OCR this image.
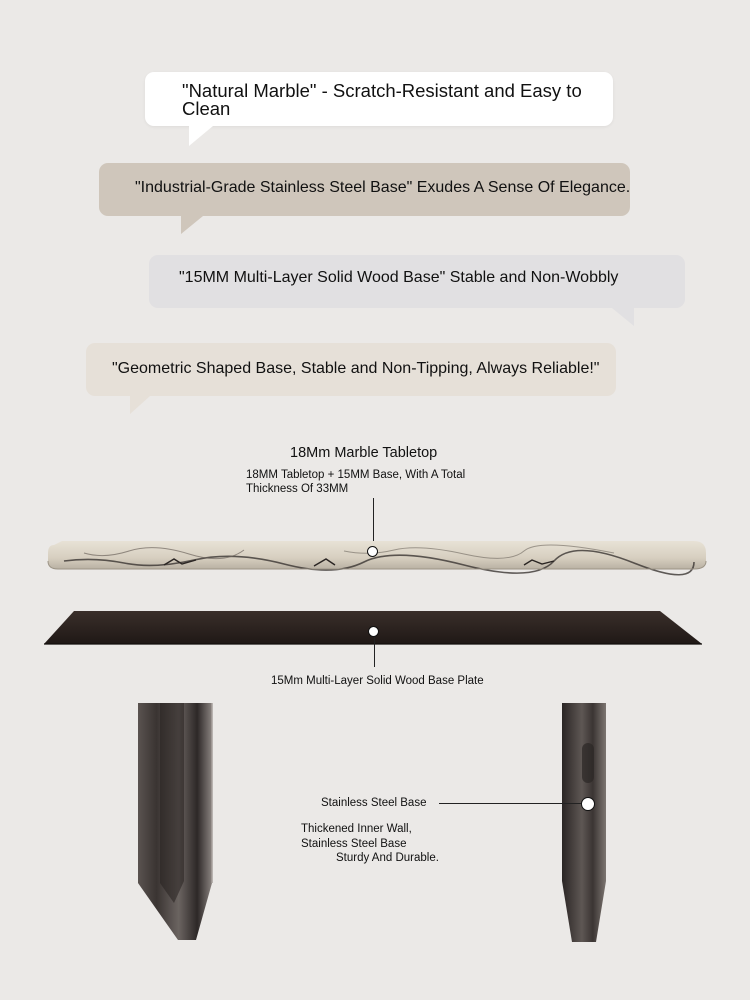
"Natural Marble" - Scratch-Resistant and Easy to Clean
"Industrial-Grade Stainless Steel Base" Exudes A Sense Of Elegance.
"15MM Multi-Layer Solid Wood Base" Stable and Non-Wobbly
"Geometric Shaped Base, Stable and Non-Tipping, Always Reliable!"
18Mm Marble Tabletop
18MM Tabletop + 15MM Base, With A Total Thickness Of 33MM
15Mm Multi-Layer Solid Wood Base Plate
Stainless Steel Base
Thickened Inner Wall,
Stainless Steel Base
Sturdy And Durable.
